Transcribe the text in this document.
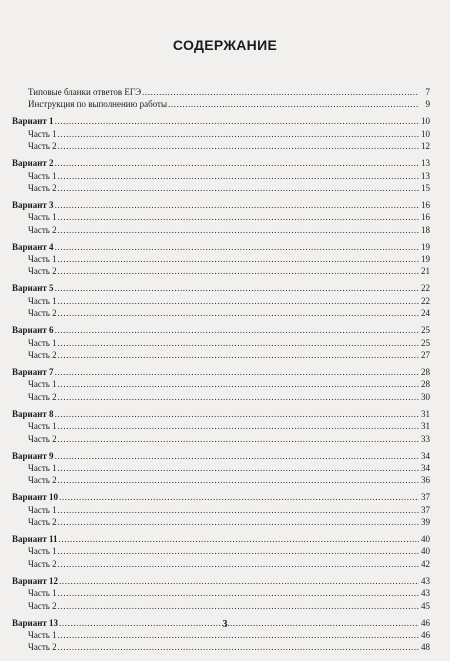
СОДЕРЖАНИЕ
Типовые бланки ответов ЕГЭ .....	7
Инструкция по выполнению работы .....	9
Вариант 1 .....	10
Часть 1 .....	10
Часть 2 .....	12
Вариант 2 .....	13
Часть 1 .....	13
Часть 2 .....	15
Вариант 3 .....	16
Часть 1 .....	16
Часть 2 .....	18
Вариант 4 .....	19
Часть 1 .....	19
Часть 2 .....	21
Вариант 5 .....	22
Часть 1 .....	22
Часть 2 .....	24
Вариант 6 .....	25
Часть 1 .....	25
Часть 2 .....	27
Вариант 7 .....	28
Часть 1 .....	28
Часть 2 .....	30
Вариант 8 .....	31
Часть 1 .....	31
Часть 2 .....	33
Вариант 9 .....	34
Часть 1 .....	34
Часть 2 .....	36
Вариант 10 .....	37
Часть 1 .....	37
Часть 2 .....	39
Вариант 11 .....	40
Часть 1 .....	40
Часть 2 .....	42
Вариант 12 .....	43
Часть 1 .....	43
Часть 2 .....	45
Вариант 13 .....	46
Часть 1 .....	46
Часть 2 .....	48
3
